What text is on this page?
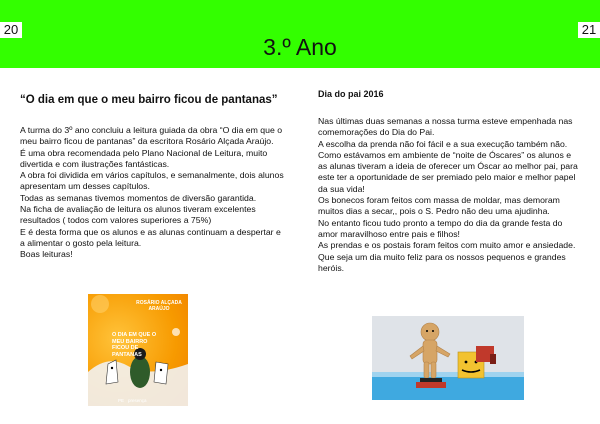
20	21
3.º Ano
“O dia em que o meu bairro ficou de pantanas”

A turma do 3º ano concluiu a leitura guiada da obra “O dia em que o meu bairro ficou de pantanas” da escritora Rosário Alçada Araújo.

É uma obra recomendada pelo Plano Nacional de Leitura, muito divertida e com ilustrações fantásticas.

A obra foi dividida em vários capítulos, e semanalmente, dois alunos apresentam um desses capítulos.

Todas as semanas tivemos momentos de diversão garantida.

Na ficha de avaliação de leitura os alunos tiveram excelentes resultados ( todos com valores superiores a 75%)

E é desta forma que os alunos e as alunas continuam a despertar e a alimentar o gosto pela leitura.

Boas leituras!

ROSÁRIO ALÇADA ARAÚJO
O DIA EM QUE O MEU BAIRRO FICOU DE PANTANAS
PE presença
Dia do pai 2016

Nas últimas duas semanas a nossa turma esteve empenhada nas comemorações do Dia do Pai.

A escolha da prenda não foi fácil e a sua execução também não.

Como estávamos em ambiente de “noite de Óscares” os alunos e as alunas tiveram a ideia de oferecer um Óscar ao melhor pai, para este ter a oportunidade de ser premiado pelo maior e melhor papel da sua vida!

Os bonecos foram feitos com massa de moldar, mas demoram muitos dias a secar,, pois o S. Pedro não deu uma ajudinha.

No entanto ficou tudo pronto a tempo do dia da grande festa do amor maravilhoso entre pais e filhos!

As prendas e os postais foram feitos com muito amor e ansiedade.

Que seja um dia muito feliz para os nossos pequenos e grandes heróis.
